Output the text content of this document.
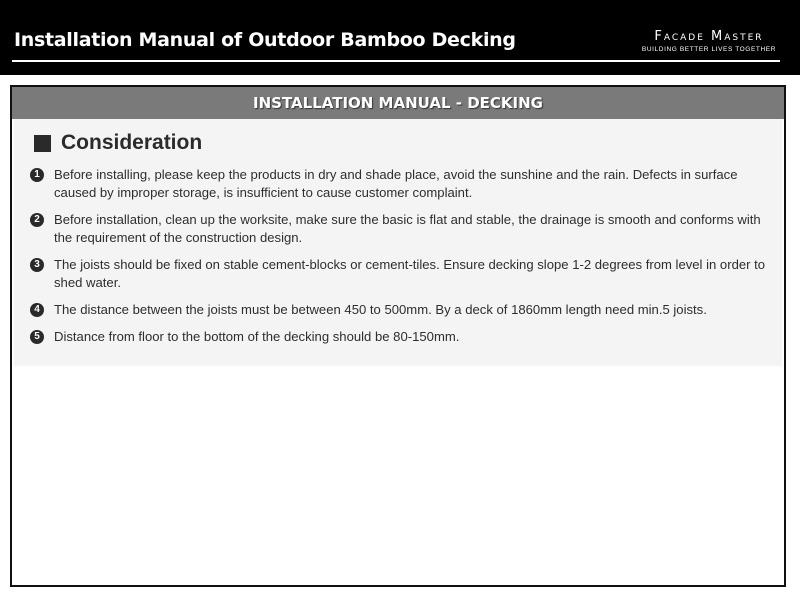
Installation Manual of Outdoor Bamboo Decking	Facade Master
BUILDING BETTER LIVES TOGETHER
INSTALLATION MANUAL - DECKING
Consideration
1	Before installing, please keep the products in dry and shade place, avoid the sunshine and the rain. Defects in surface caused by improper storage, is insufficient to cause customer complaint.
2	Before installation, clean up the worksite, make sure the basic is flat and stable, the drainage is smooth and conforms with the requirement of the construction design.
3	The joists should be fixed on stable cement-blocks or cement-tiles. Ensure decking slope 1-2 degrees from level in order to shed water.
4	The distance between the joists must be between 450 to 500mm. By a deck of 1860mm length need min.5 joists.
5	Distance from floor to the bottom of the decking should be 80-150mm.
